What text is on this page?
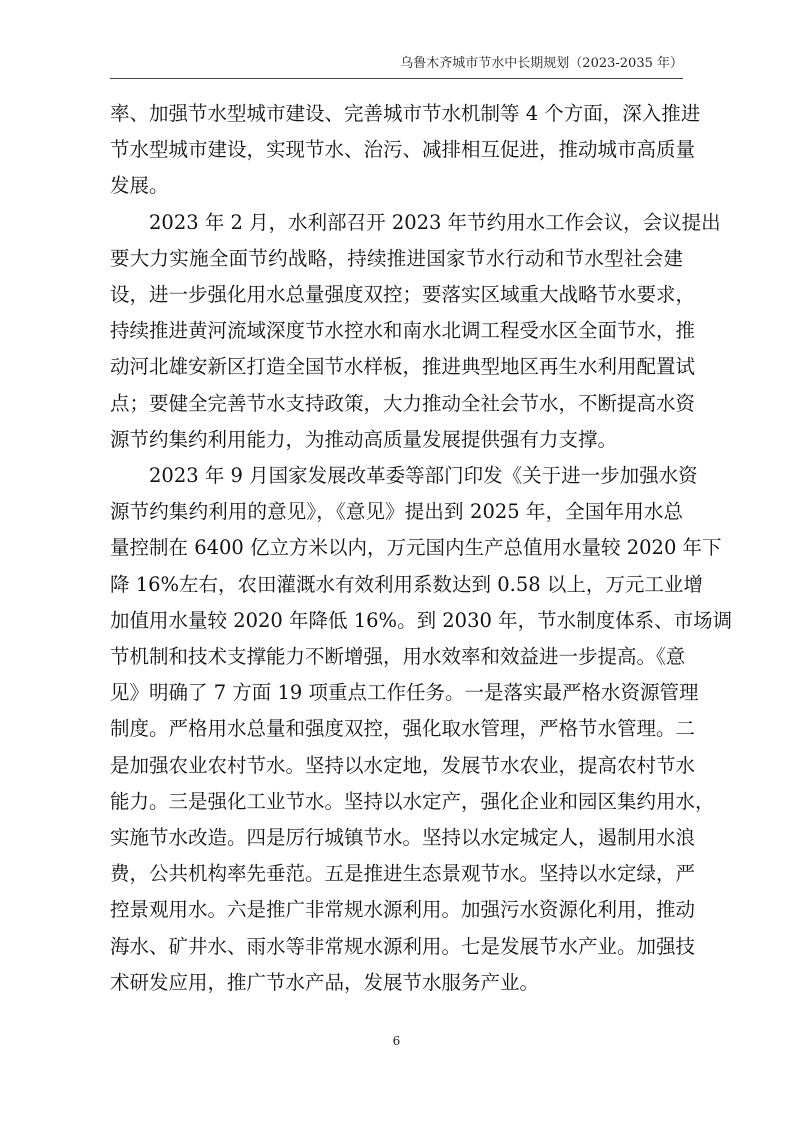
乌鲁木齐城市节水中长期规划（2023-2035 年）
率、加强节水型城市建设、完善城市节水机制等 4 个方面，深入推进
节水型城市建设，实现节水、治污、减排相互促进，推动城市高质量
发展。
2023 年 2 月，水利部召开 2023 年节约用水工作会议，会议提出
要大力实施全面节约战略，持续推进国家节水行动和节水型社会建
设，进一步强化用水总量强度双控；要落实区域重大战略节水要求，
持续推进黄河流域深度节水控水和南水北调工程受水区全面节水，推
动河北雄安新区打造全国节水样板，推进典型地区再生水利用配置试
点；要健全完善节水支持政策，大力推动全社会节水，不断提高水资
源节约集约利用能力，为推动高质量发展提供强有力支撑。
2023 年 9 月国家发展改革委等部门印发《关于进一步加强水资
源节约集约利用的意见》，《意见》提出到 2025 年，全国年用水总
量控制在 6400 亿立方米以内，万元国内生产总值用水量较 2020 年下
降 16%左右，农田灌溉水有效利用系数达到 0.58 以上，万元工业增
加值用水量较 2020 年降低 16%。到 2030 年，节水制度体系、市场调
节机制和技术支撑能力不断增强，用水效率和效益进一步提高。《意
见》明确了 7 方面 19 项重点工作任务。一是落实最严格水资源管理
制度。严格用水总量和强度双控，强化取水管理，严格节水管理。二
是加强农业农村节水。坚持以水定地，发展节水农业，提高农村节水
能力。三是强化工业节水。坚持以水定产，强化企业和园区集约用水，
实施节水改造。四是厉行城镇节水。坚持以水定城定人，遏制用水浪
费，公共机构率先垂范。五是推进生态景观节水。坚持以水定绿，严
控景观用水。六是推广非常规水源利用。加强污水资源化利用，推动
海水、矿井水、雨水等非常规水源利用。七是发展节水产业。加强技
术研发应用，推广节水产品，发展节水服务产业。
6
